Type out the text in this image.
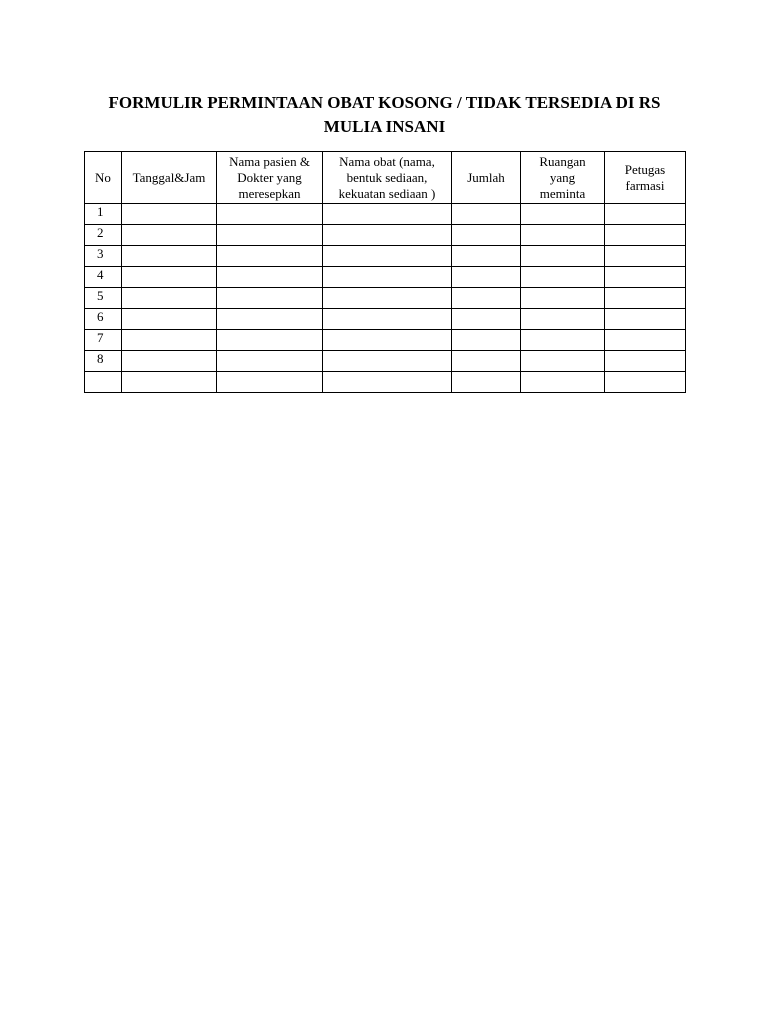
FORMULIR PERMINTAAN OBAT KOSONG / TIDAK TERSEDIA DI RS MULIA INSANI
No	Tanggal&Jam	Nama pasien &
Dokter yang
meresepkan	Nama obat (nama,
bentuk sediaan,
kekuatan sediaan )	Jumlah	Ruangan
yang
meminta	Petugas
farmasi

1						
2						
3						
4						
5						
6						
7						
8						
